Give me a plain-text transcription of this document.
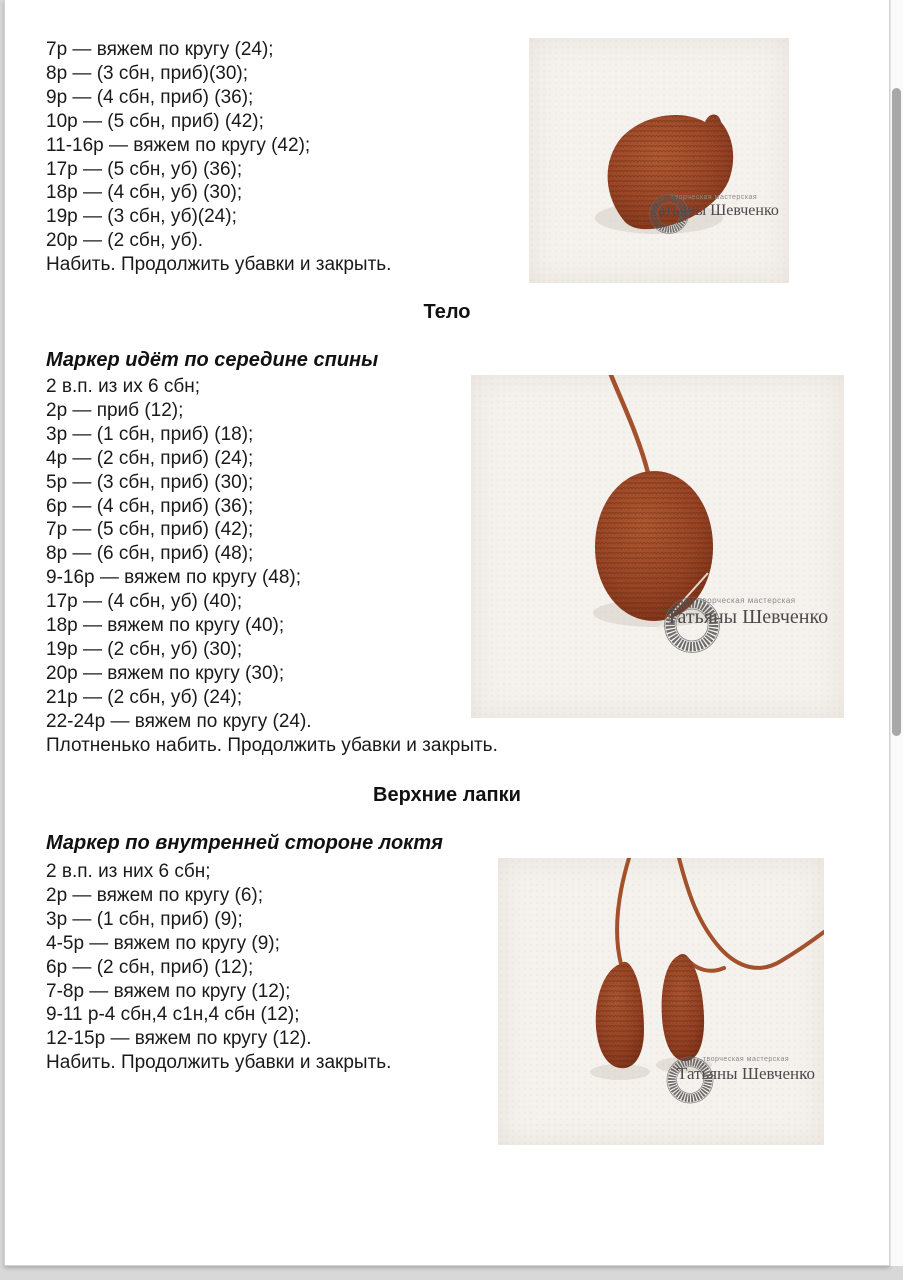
7р — вяжем по кругу (24);
8р — (3 сбн, приб)(30);
9р — (4 сбн, приб) (36);
10р — (5 сбн, приб) (42);
11-16р — вяжем по кругу (42);
17р — (5 сбн, уб) (36);
18р — (4 сбн, уб) (30);
19р — (3 сбн, уб)(24);
20р — (2 сбн, уб).
Набить. Продолжить убавки и закрыть.
творческая мастерская
Татьяны Шевченко
Тело
Маркер идёт по середине спины
2 в.п. из их 6 сбн;
2р — приб (12);
3р — (1 сбн, приб) (18);
4р — (2 сбн, приб) (24);
5р — (3 сбн, приб) (30);
6р — (4 сбн, приб) (36);
7р — (5 сбн, приб) (42);
8р — (6 сбн, приб) (48);
9-16р — вяжем по кругу (48);
17р — (4 сбн, уб) (40);
18р — вяжем по кругу (40);
19р — (2 сбн, уб) (30);
20р — вяжем по кругу (30);
21р — (2 сбн, уб) (24);
22-24р — вяжем по кругу (24).
Плотненько набить. Продолжить убавки и закрыть.
творческая мастерская
Татьяны Шевченко
Верхние лапки
Маркер по внутренней стороне локтя
2 в.п. из них 6 сбн;
2р — вяжем по кругу (6);
3р — (1 сбн, приб) (9);
4-5р — вяжем по кругу (9);
6р — (2 сбн, приб) (12);
7-8р — вяжем по кругу (12);
9-11 р-4 сбн,4 с1н,4 сбн (12);
12-15р — вяжем по кругу (12).
Набить. Продолжить убавки и закрыть.	творческая мастерская
Татьяны Шевченко
